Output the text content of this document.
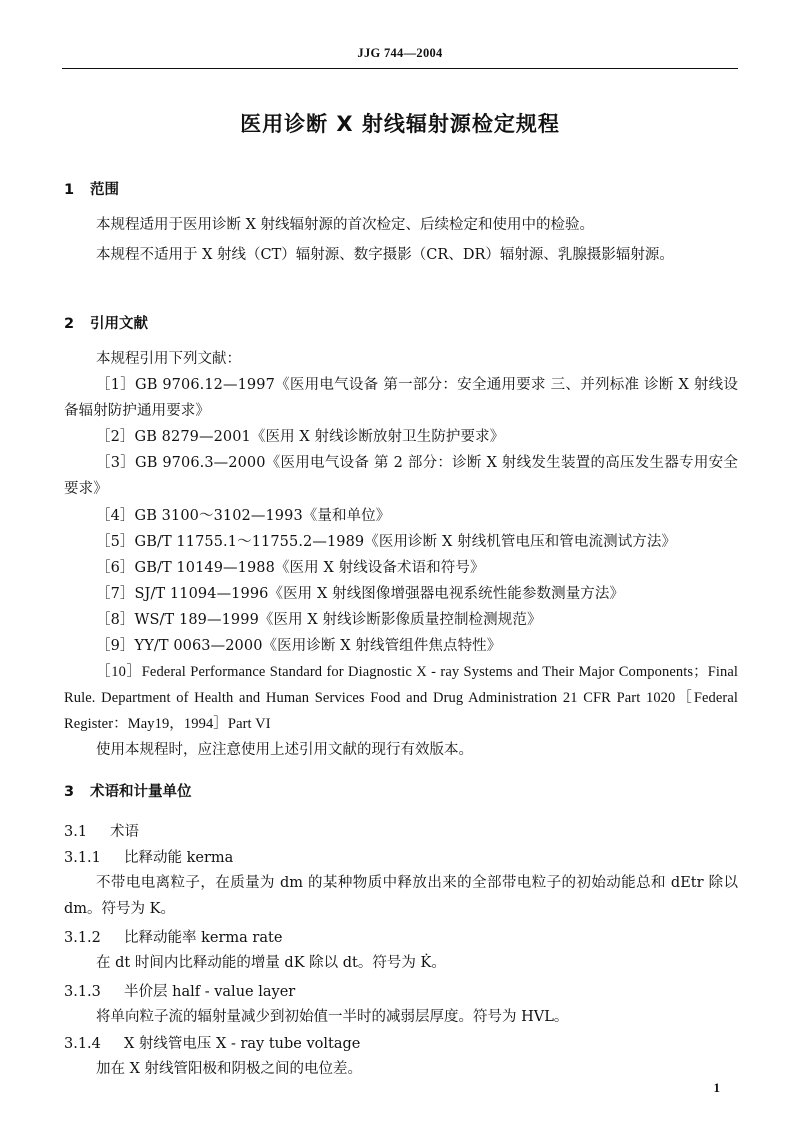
JJG 744—2004
医用诊断 X 射线辐射源检定规程
1 范围
本规程适用于医用诊断 X 射线辐射源的首次检定、后续检定和使用中的检验。
本规程不适用于 X 射线（CT）辐射源、数字摄影（CR、DR）辐射源、乳腺摄影辐射源。
2 引用文献
本规程引用下列文献：
［1］GB 9706.12—1997《医用电气设备 第一部分：安全通用要求 三、并列标准 诊断 X 射线设备辐射防护通用要求》
［2］GB 8279—2001《医用 X 射线诊断放射卫生防护要求》
［3］GB 9706.3—2000《医用电气设备 第 2 部分：诊断 X 射线发生装置的高压发生器专用安全要求》
［4］GB 3100～3102—1993《量和单位》
［5］GB/T 11755.1～11755.2—1989《医用诊断 X 射线机管电压和管电流测试方法》
［6］GB/T 10149—1988《医用 X 射线设备术语和符号》
［7］SJ/T 11094—1996《医用 X 射线图像增强器电视系统性能参数测量方法》
［8］WS/T 189—1999《医用 X 射线诊断影像质量控制检测规范》
［9］YY/T 0063—2000《医用诊断 X 射线管组件焦点特性》
［10］Federal Performance Standard for Diagnostic X - ray Systems and Their Major Components；Final Rule. Department of Health and Human Services Food and Drug Administration 21 CFR Part 1020［Federal Register：May19，1994］Part VI
使用本规程时，应注意使用上述引用文献的现行有效版本。
3 术语和计量单位
3.1 术语
3.1.1 比释动能 kerma
不带电电离粒子，在质量为 dm 的某种物质中释放出来的全部带电粒子的初始动能总和 dEtr 除以 dm。符号为 K。
3.1.2 比释动能率 kerma rate
在 dt 时间内比释动能的增量 dK 除以 dt。符号为 K̇。
3.1.3 半价层 half - value layer
将单向粒子流的辐射量减少到初始值一半时的减弱层厚度。符号为 HVL。
3.1.4 X 射线管电压 X - ray tube voltage
加在 X 射线管阳极和阴极之间的电位差。
1
